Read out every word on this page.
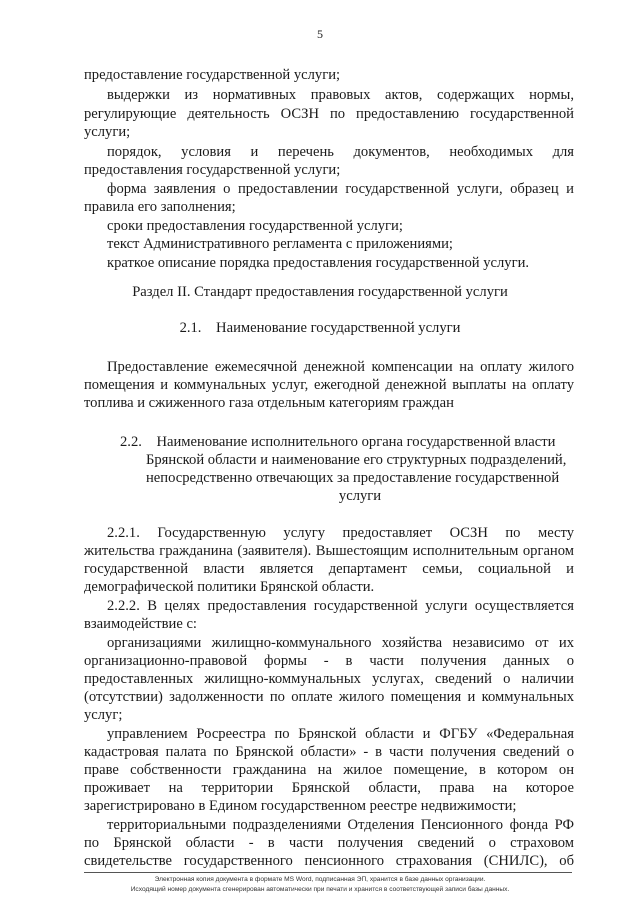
5
предоставление государственной услуги;
выдержки из нормативных правовых актов, содержащих нормы,
регулирующие деятельность ОСЗН по предоставлению государственной
услуги;
порядок, условия и перечень документов, необходимых для
предоставления государственной услуги;
форма заявления о предоставлении государственной услуги, образец и
правила его заполнения;
сроки предоставления государственной услуги;
текст Административного регламента с приложениями;
краткое описание порядка предоставления государственной услуги.
Раздел II. Стандарт предоставления государственной услуги
2.1.    Наименование государственной услуги
Предоставление ежемесячной денежной компенсации на оплату жилого
помещения и коммунальных услуг, ежегодной денежной выплаты на оплату
топлива и сжиженного газа отдельным категориям граждан
2.2.    Наименование исполнительного органа государственной власти
Брянской области и наименование его структурных подразделений,
непосредственно отвечающих за предоставление государственной
услуги
2.2.1. Государственную услугу предоставляет ОСЗН по месту
жительства гражданина (заявителя). Вышестоящим исполнительным органом
государственной власти является департамент семьи, социальной и
демографической политики Брянской области.
2.2.2. В целях предоставления государственной услуги осуществляется
взаимодействие с:
организациями жилищно-коммунального хозяйства независимо от их
организационно-правовой формы - в части получения данных о
предоставленных жилищно-коммунальных услугах, сведений о наличии
(отсутствии) задолженности по оплате жилого помещения и коммунальных
услуг;
управлением Росреестра по Брянской области и ФГБУ «Федеральная
кадастровая палата по Брянской области» - в части получения сведений о
праве собственности гражданина на жилое помещение, в котором он
проживает на территории Брянской области, права на которое
зарегистрировано в Едином государственном реестре недвижимости;
территориальными подразделениями Отделения Пенсионного фонда РФ
по Брянской области - в части получения сведений о страховом
свидетельстве государственного пенсионного страхования (СНИЛС), об
Электронная копия документа в формате MS Word, подписанная ЭП, хранится в базе данных организации.
Исходящий номер документа сгенерирован автоматически при печати и хранится в соответствующей записи базы данных.
